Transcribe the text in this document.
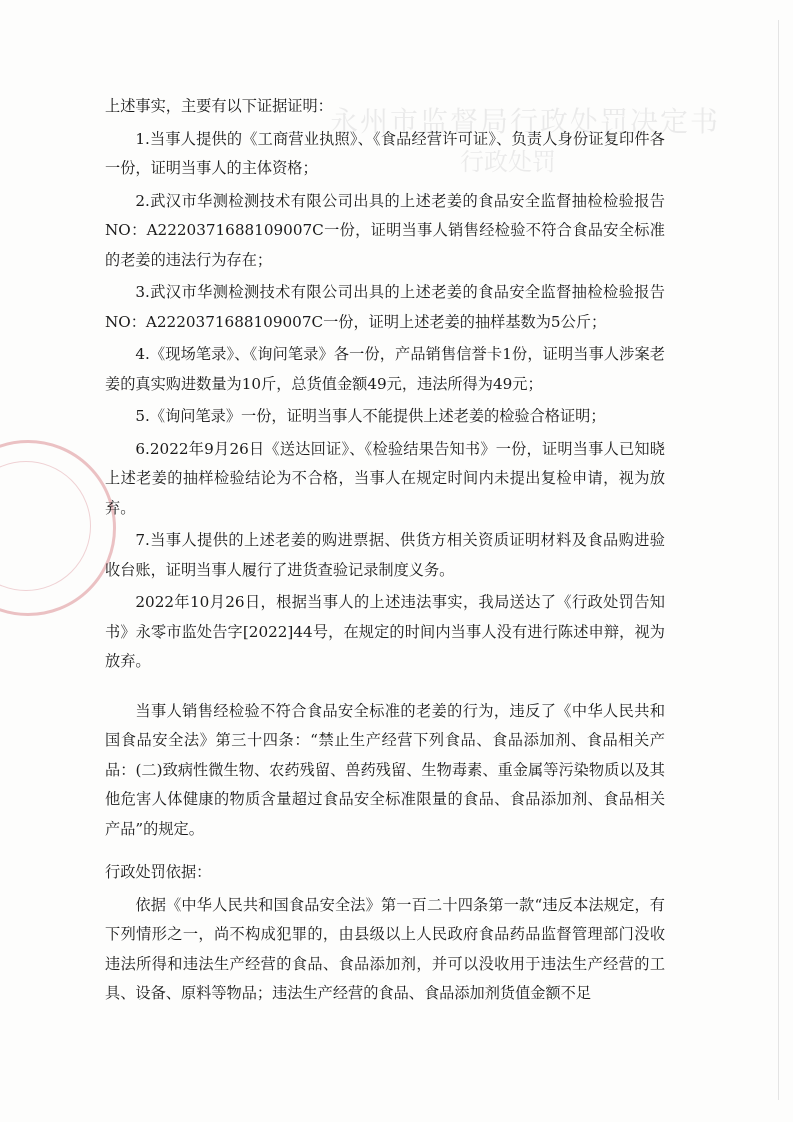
永州市监督局行政处罚决定书
行政处罚

上述事实，主要有以下证据证明：

1.当事人提供的《工商营业执照》、《食品经营许可证》、负责人身份证复印件各一份，证明当事人的主体资格；

2.武汉市华测检测技术有限公司出具的上述老姜的食品安全监督抽检检验报告NO：A2220371688109007C一份，证明当事人销售经检验不符合食品安全标准的老姜的违法行为存在；

3.武汉市华测检测技术有限公司出具的上述老姜的食品安全监督抽检检验报告NO：A2220371688109007C一份，证明上述老姜的抽样基数为5公斤；

4.《现场笔录》、《询问笔录》各一份，产品销售信誉卡1份，证明当事人涉案老姜的真实购进数量为10斤，总货值金额49元，违法所得为49元；

5.《询问笔录》一份，证明当事人不能提供上述老姜的检验合格证明；

6.2022年9月26日《送达回证》、《检验结果告知书》一份，证明当事人已知晓上述老姜的抽样检验结论为不合格，当事人在规定时间内未提出复检申请，视为放弃。

7.当事人提供的上述老姜的购进票据、供货方相关资质证明材料及食品购进验收台账，证明当事人履行了进货查验记录制度义务。

2022年10月26日，根据当事人的上述违法事实，我局送达了《行政处罚告知书》永零市监处告字[2022]44号，在规定的时间内当事人没有进行陈述申辩，视为放弃。

当事人销售经检验不符合食品安全标准的老姜的行为，违反了《中华人民共和国食品安全法》第三十四条：“禁止生产经营下列食品、食品添加剂、食品相关产品：(二)致病性微生物、农药残留、兽药残留、生物毒素、重金属等污染物质以及其他危害人体健康的物质含量超过食品安全标准限量的食品、食品添加剂、食品相关产品”的规定。

行政处罚依据：

依据《中华人民共和国食品安全法》第一百二十四条第一款“违反本法规定，有下列情形之一，尚不构成犯罪的，由县级以上人民政府食品药品监督管理部门没收违法所得和违法生产经营的食品、食品添加剂，并可以没收用于违法生产经营的工具、设备、原料等物品；违法生产经营的食品、食品添加剂货值金额不足
